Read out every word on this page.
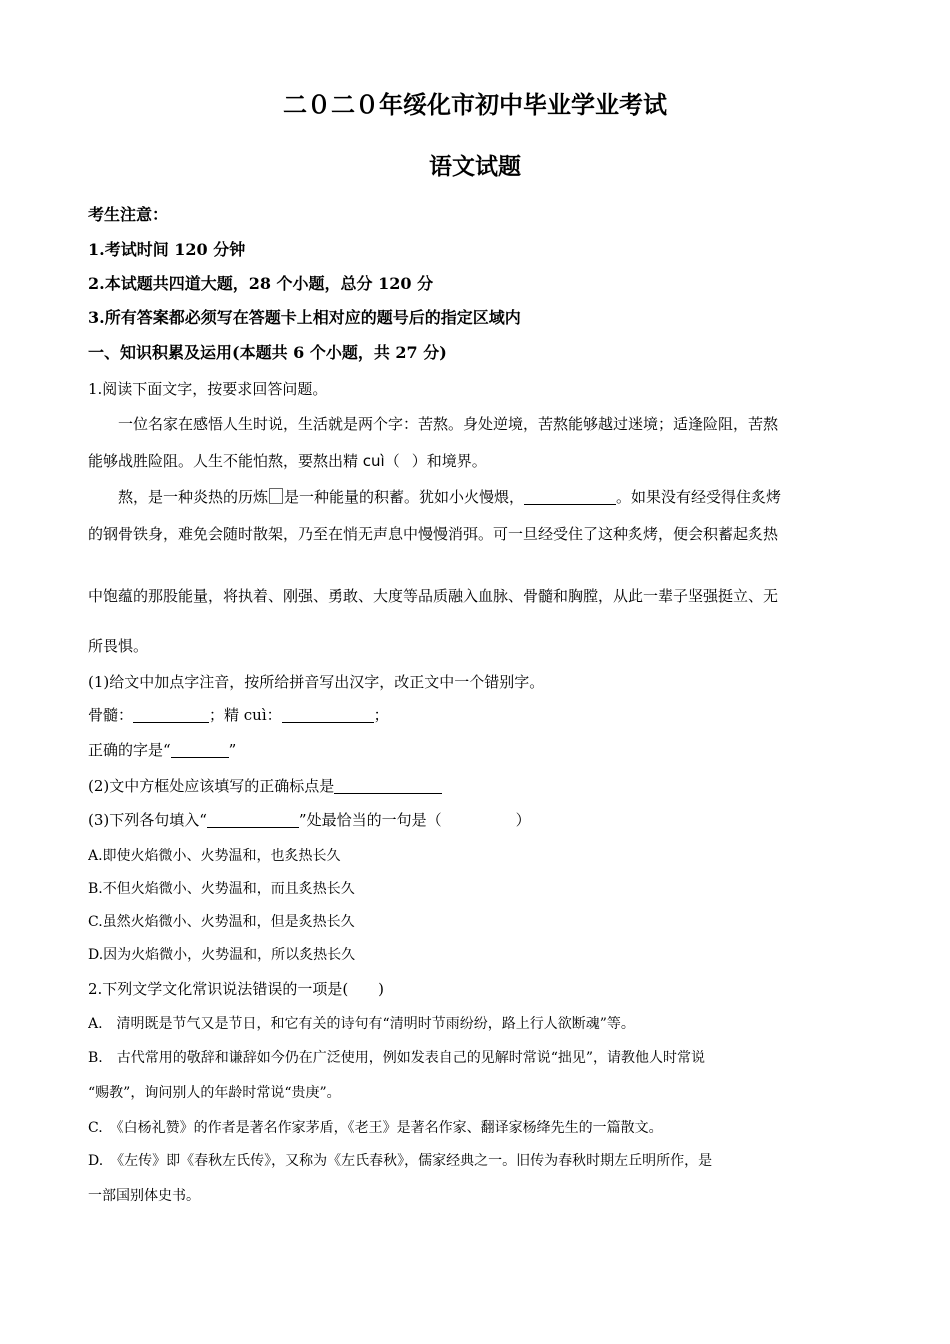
二０二０年绥化市初中毕业学业考试
语文试题
考生注意：
1.考试时间 120 分钟
2.本试题共四道大题，28 个小题，总分 120 分
3.所有答案都必须写在答题卡上相对应的题号后的指定区域内
一、知识积累及运用(本题共 6 个小题，共 27 分)
1.阅读下面文字，按要求回答问题。
一位名家在感悟人生时说，生活就是两个字：苦熬。身处逆境，苦熬能够越过迷境；适逢险阻，苦熬
能够战胜险阻。人生不能怕熬，要熬出精 cuì（ ）和境界。
熬，是一种炎热的历炼 是一种能量的积蓄。犹如小火慢煨，	。如果没有经受得住炙烤
的钢骨铁身，难免会随时散架，乃至在悄无声息中慢慢消弭。可一旦经受住了这种炙烤，便会积蓄起炙热
中饱蕴的那股能量，将执着、刚强、勇敢、大度等品质融入血脉、骨髓和胸膛，从此一辈子坚强挺立、无
所畏惧。
(1)给文中加点字注音，按所给拼音写出汉字，改正文中一个错别字。
骨髓：	；精 cuì：	；
正确的字是“	”
(2)文中方框处应该填写的正确标点是
(3)下列各句填入“	”处最恰当的一句是（	）
A.即使火焰微小、火势温和，也炙热长久
B.不但火焰微小、火势温和，而且炙热长久
C.虽然火焰微小、火势温和，但是炙热长久
D.因为火焰微小，火势温和，所以炙热长久
2.下列文学文化常识说法错误的一项是(　　)
A.　清明既是节气又是节日，和它有关的诗句有“清明时节雨纷纷，路上行人欲断魂”等。
B.　古代常用的敬辞和谦辞如今仍在广泛使用，例如发表自己的见解时常说“拙见”，请教他人时常说
“赐教”，询问别人的年龄时常说“贵庚”。
C.　《白杨礼赞》的作者是著名作家茅盾，《老王》是著名作家、翻译家杨绛先生的一篇散文。
D.　《左传》即《春秋左氏传》，又称为《左氏春秋》，儒家经典之一。旧传为春秋时期左丘明所作，是
一部国别体史书。
